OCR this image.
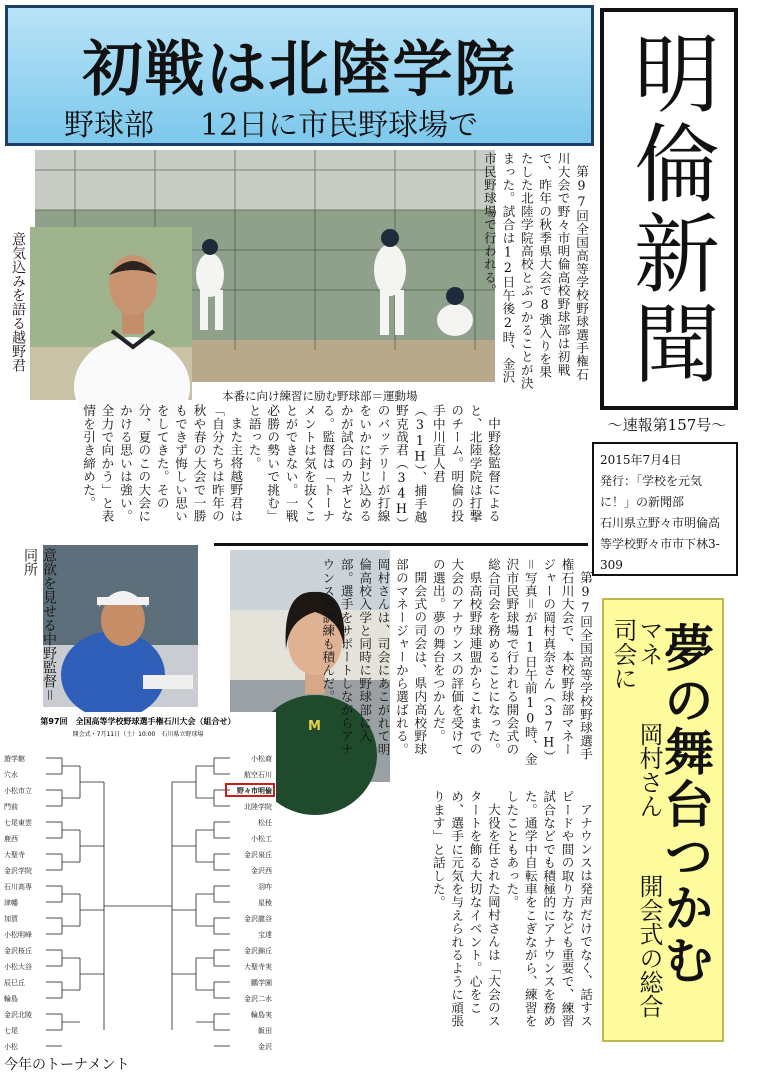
初戦は北陸学院
野球部 12日に市民野球場で 明倫新聞
〜速報第157号〜
2015年7月4日
発行：「学校を元気に！」の新聞部
石川県立野々市明倫高等学校野々市市下林3-309
本番に向け練習に励む野球部＝運動場
意気込みを語る越野君	第97回全国高等学校野球選手権石川大会で野々市明倫高校野球部は初戦で、昨年の秋季県大会で8強入りを果たした北陸学院高校とぶつかることが決まった。試合は12日午後2時、金沢市民野球場で行われる。

中野稔監督によると、北陸学院は打撃のチーム。明倫の投手中川直人君（31H）、捕手越野克哉君（34H）のバッテリーが打線をいかに封じ込めるかが試合のカギとなる。監督は「トーナメントは気を抜くことができない。一戦必勝の勢いで挑む」と語った。

また主将越野君は「自分たちは昨年の秋や春の大会で一勝もできず悔しい思いをしてきた。その分、夏のこの大会にかける思いは強い。全力で向かう」と表情を引き締めた。

意欲を見せる中野監督＝同所
M	第97回全国高等学校野球選手権石川大会で、本校野球部マネージャーの岡村真奈さん（37H）＝写真＝が11日午前10時、金沢市民野球場で行われる開会式の総合司会を務めることになった。

県高校野球連盟からこれまでの大会のアナウンスの評価を受けての選出。夢の舞台をつかんだ。

開会式の司会は、県内高校野球部のマネージャーから選ばれる。岡村さんは、司会にあこがれて明倫高校入学と同時に野球部に入部。選手をサポートしながらアナウンスの訓練も積んだ。

アナウンスは発声だけでなく、話すスピードや間の取り方なども重要で、練習試合などでも積極的にアナウンスを務めた。通学中自転車をこぎながら、練習をしたこともあった。

大役を任された岡村さんは「大会のスタートを飾る大切なイベント。心をこめ、選手に元気を与えられるように頑張ります」と話した。	夢の舞台つかむ
マネ 岡村さん 開会式の総合司会に
第97回　全国高等学校野球選手権石川大会（組合せ）
開会式・7月11日（土）10:00　石川県立野球場
遊学館
穴水
小松市立
門前
七尾東雲
鹿西
大聖寺
金沢学院
石川高専
津幡
加賀
小松明峰
金沢桜丘
小松大谷
辰巳丘
輪島
金沢北陵
七尾
小松
小松商
航空石川
野々市明倫
北陸学院
松任
小松工
金沢泉丘
金沢西
羽咋
星稜
金沢龍谷
宝達
金沢錦丘
大聖寺実
鵬学園
金沢二水
輪島実
飯田
金沢
今年のトーナメント
